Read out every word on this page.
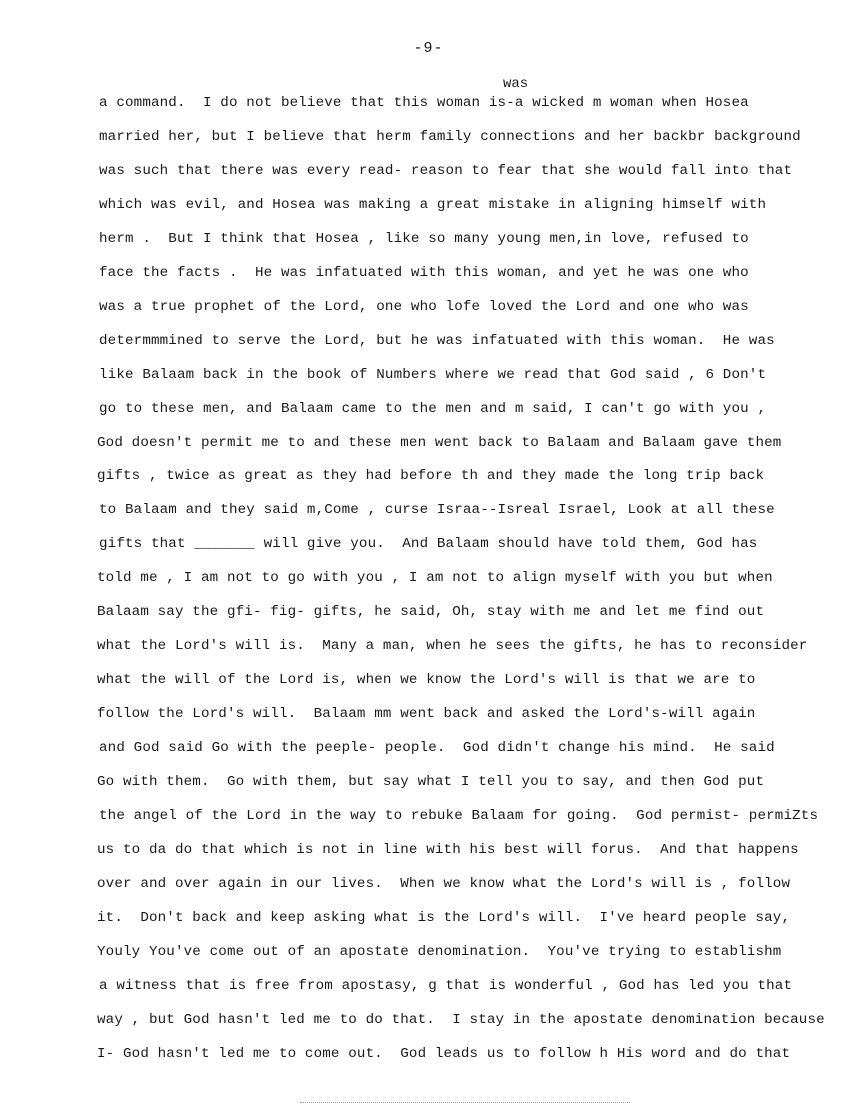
-9-
was
a command.  I do not believe that this woman is-a wicked m woman when Hosea
married her, but I believe that herm family connections and her backbr background
was such that there was every read- reason to fear that she would fall into that
which was evil, and Hosea was making a great mistake in aligning himself with
herm .  But I think that Hosea , like so many young men,in love, refused to
face the facts .  He was infatuated with this woman, and yet he was one who
was a true prophet of the Lord, one who lofe loved the Lord and one who was
determmmined to serve the Lord, but he was infatuated with this woman.  He was
like Balaam back in the book of Numbers where we read that God said , 6 Don't
go to these men, and Balaam came to the men and m said, I can't go with you ,
God doesn't permit me to and these men went back to Balaam and Balaam gave them
gifts , twice as great as they had before th and they made the long trip back
to Balaam and they said m,Come , curse Israa--Isreal Israel, Look at all these
gifts that _______ will give you.  And Balaam should have told them, God has
told me , I am not to go with you , I am not to align myself with you but when
Balaam say the gfi- fig- gifts, he said, Oh, stay with me and let me find out
what the Lord's will is.  Many a man, when he sees the gifts, he has to reconsider
what the will of the Lord is, when we know the Lord's will is that we are to
follow the Lord's will.  Balaam mm went back and asked the Lord's-will again
and God said Go with the peeple- people.  God didn't change his mind.  He said
Go with them.  Go with them, but say what I tell you to say, and then God put
the angel of the Lord in the way to rebuke Balaam for going.  God permist- permiZts
us to da do that which is not in line with his best will forus.  And that happens
over and over again in our lives.  When we know what the Lord's will is , follow
it.  Don't back and keep asking what is the Lord's will.  I've heard people say,
Youly You've come out of an apostate denomination.  You've trying to establishm
a witness that is free from apostasy, g that is wonderful , God has led you that
way , but God hasn't led me to do that.  I stay in the apostate denomination because
I- God hasn't led me to come out.  God leads us to follow h His word and do that
